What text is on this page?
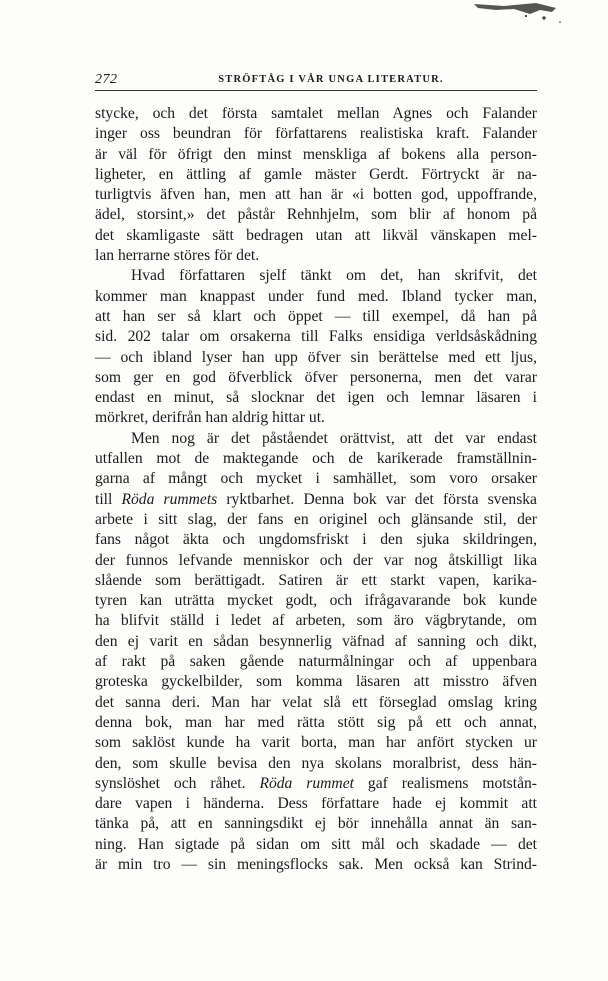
272	STRÖFTÅG I VÅR UNGA LITERATUR.
stycke, och det första samtalet mellan Agnes och Falander
inger oss beundran för författarens realistiska kraft. Falander
är väl för öfrigt den minst menskliga af bokens alla person-
ligheter, en ättling af gamle mäster Gerdt. Förtryckt är na-
turligtvis äfven han, men att han är «i botten god, uppoffrande,
ädel, storsint,» det påstår Rehnhjelm, som blir af honom på
det skamligaste sätt bedragen utan att likväl vänskapen mel-
lan herrarne störes för det.
Hvad författaren sjelf tänkt om det, han skrifvit, det
kommer man knappast under fund med. Ibland tycker man,
att han ser så klart och öppet — till exempel, då han på
sid. 202 talar om orsakerna till Falks ensidiga verldsåskådning
— och ibland lyser han upp öfver sin berättelse med ett ljus,
som ger en god öfverblick öfver personerna, men det varar
endast en minut, så slocknar det igen och lemnar läsaren i
mörkret, derifrån han aldrig hittar ut.
Men nog är det påståendet orättvist, att det var endast
utfallen mot de maktegande och de karikerade framställnin-
garna af mångt och mycket i samhället, som voro orsaker
till Röda rummets ryktbarhet. Denna bok var det första svenska
arbete i sitt slag, der fans en originel och glänsande stil, der
fans något äkta och ungdomsfriskt i den sjuka skildringen,
der funnos lefvande menniskor och der var nog åtskilligt lika
slående som berättigadt. Satiren är ett starkt vapen, karika-
tyren kan uträtta mycket godt, och ifrågavarande bok kunde
ha blifvit ställd i ledet af arbeten, som äro vägbrytande, om
den ej varit en sådan besynnerlig väfnad af sanning och dikt,
af rakt på saken gående naturmålningar och af uppenbara
groteska gyckelbilder, som komma läsaren att misstro äfven
det sanna deri. Man har velat slå ett förseglad omslag kring
denna bok, man har med rätta stött sig på ett och annat,
som saklöst kunde ha varit borta, man har anfört stycken ur
den, som skulle bevisa den nya skolans moralbrist, dess hän-
synslöshet och råhet. Röda rummet gaf realismens motstån-
dare vapen i händerna. Dess författare hade ej kommit att
tänka på, att en sanningsdikt ej bör innehålla annat än san-
ning. Han sigtade på sidan om sitt mål och skadade — det
är min tro — sin meningsflocks sak. Men också kan Strind-
